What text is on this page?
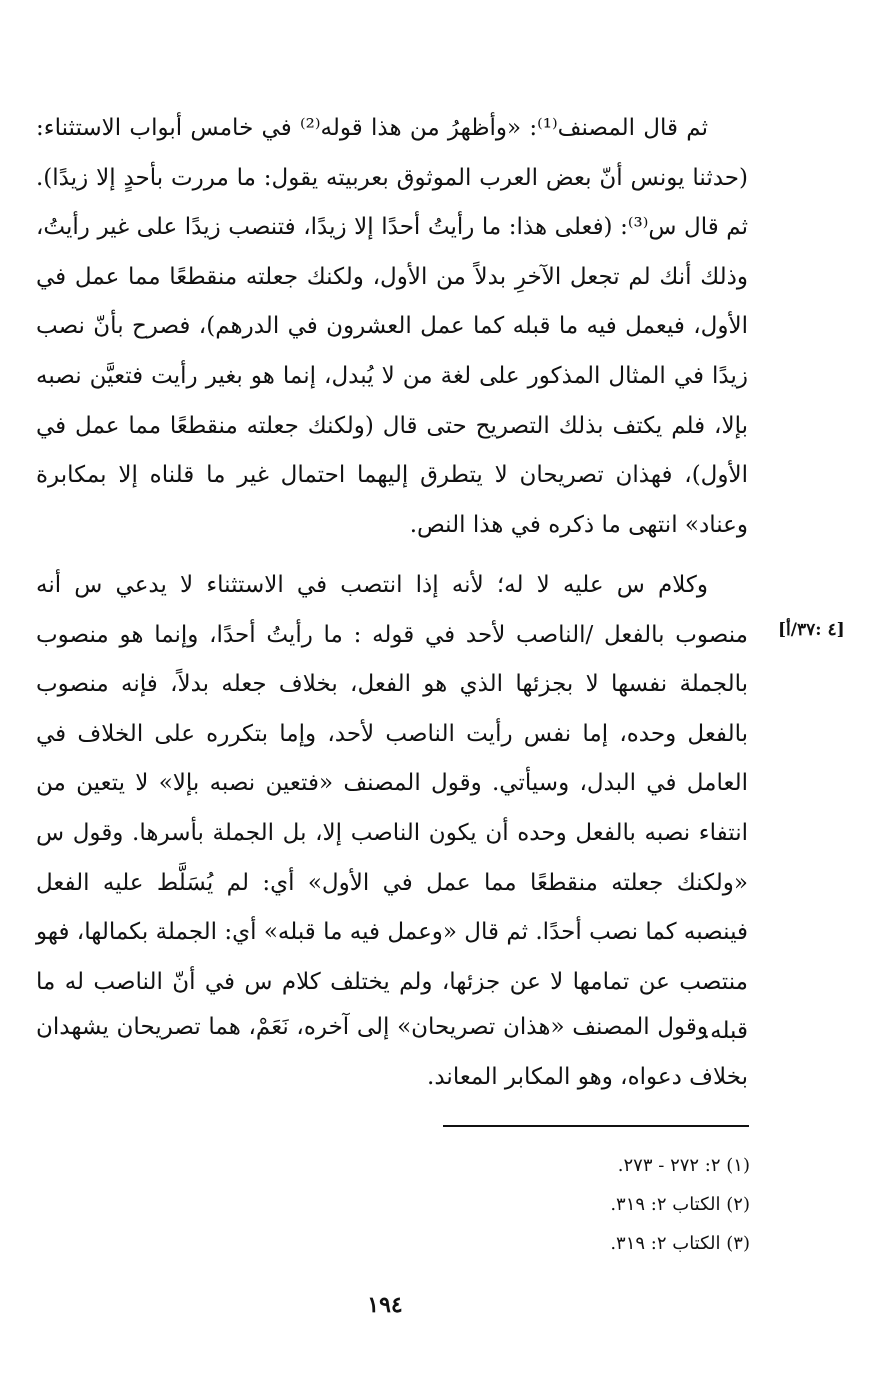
ثم قال المصنف⁽¹⁾: «وأظهرُ من هذا قوله⁽²⁾ في خامس أبواب الاستثناء: (حدثنا يونس أنّ بعض العرب الموثوق بعربيته يقول: ما مررت بأحدٍ إلا زيدًا). ثم قال س⁽³⁾: (فعلى هذا: ما رأيتُ أحدًا إلا زيدًا، فتنصب زيدًا على غير رأيتُ، وذلك أنك لم تجعل الآخرِ بدلاً من الأول، ولكنك جعلته منقطعًا مما عمل في الأول، فيعمل فيه ما قبله كما عمل العشرون في الدرهم)، فصرح بأنّ نصب زيدًا في المثال المذكور على لغة من لا يُبدل، إنما هو بغير رأيت فتعيَّن نصبه بإلا، فلم يكتف بذلك التصريح حتى قال (ولكنك جعلته منقطعًا مما عمل في الأول)، فهذان تصريحان لا يتطرق إليهما احتمال غير ما قلناه إلا بمكابرة وعناد» انتهى ما ذكره في هذا النص.

وكلام س عليه لا له؛ لأنه إذا انتصب في الاستثناء لا يدعي س أنه منصوب بالفعل /الناصب لأحد في قوله : ما رأيتُ أحدًا، وإنما هو منصوب بالجملة نفسها لا بجزئها الذي هو الفعل، بخلاف جعله بدلاً، فإنه منصوب بالفعل وحده، إما نفس رأيت الناصب لأحد، وإما بتكرره على الخلاف في العامل في البدل، وسيأتي. وقول المصنف «فتعين نصبه بإلا» لا يتعين من انتفاء نصبه بالفعل وحده أن يكون الناصب إلا، بل الجملة بأسرها. وقول س «ولكنك جعلته منقطعًا مما عمل في الأول» أي: لم يُسَلَّط عليه الفعل فينصبه كما نصب أحدًا. ثم قال «وعمل فيه ما قبله» أي: الجملة بكمالها، فهو منتصب عن تمامها لا عن جزئها، ولم يختلف كلام س في أنّ الناصب له ما قبله.

[٤ :٣٧/أ]

وقول المصنف «هذان تصريحان» إلى آخره، نَعَمْ، هما تصريحان يشهدان بخلاف دعواه، وهو المكابر المعاند.

(١) ٢: ٢٧٢ - ٢٧٣.
(٢) الكتاب ٢: ٣١٩.
(٣) الكتاب ٢: ٣١٩.
١٩٤
